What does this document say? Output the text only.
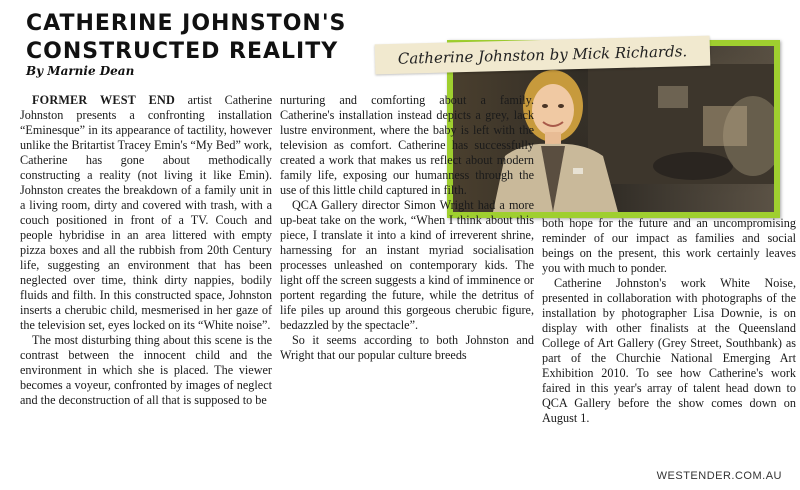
CATHERINE JOHNSTON'S
CONSTRUCTED REALITY
By Marnie Dean
Catherine Johnston by Mick Richards.

FORMER WEST END artist Catherine Johnston presents a confronting installation “Eminesque” in its appearance of tactility, however unlike the Britartist Tracey Emin's “My Bed” work, Catherine has gone about methodically constructing a reality (not living it like Emin). Johnston creates the breakdown of a family unit in a living room, dirty and covered with trash, with a couch positioned in front of a TV. Couch and people hybridise in an area littered with empty pizza boxes and all the rubbish from 20th Century life, suggesting an environment that has been neglected over time, think dirty nappies, bodily fluids and filth. In this constructed space, Johnston inserts a cherubic child, mesmerised in her gaze of the television set, eyes locked on its “White noise”.

The most disturbing thing about this scene is the contrast between the innocent child and the environment in which she is placed. The viewer becomes a voyeur, confronted by images of neglect and the deconstruction of all that is supposed to be

nurturing and comforting about a family. Catherine's installation instead depicts a grey, lack lustre environment, where the baby is left with the television as comfort. Catherine has successfully created a work that makes us reflect about modern family life, exposing our humanness through the use of this little child captured in filth.

QCA Gallery director Simon Wright had a more up-beat take on the work, “When I think about this piece, I translate it into a kind of irreverent shrine, harnessing for an instant myriad socialisation processes unleashed on contemporary kids. The light off the screen suggests a kind of imminence or portent regarding the future, while the detritus of life piles up around this gorgeous cherubic figure, bedazzled by the spectacle”.

So it seems according to both Johnston and Wright that our popular culture breeds

both hope for the future and an uncompromising reminder of our impact as families and social beings on the present, this work certainly leaves you with much to ponder.

Catherine Johnston's work White Noise, presented in collaboration with photographs of the installation by photographer Lisa Downie, is on display with other finalists at the Queensland College of Art Gallery (Grey Street, Southbank) as part of the Churchie National Emerging Art Exhibition 2010. To see how Catherine's work faired in this year's array of talent head down to QCA Gallery before the show comes down on August 1.

WESTENDER.COM.AU
